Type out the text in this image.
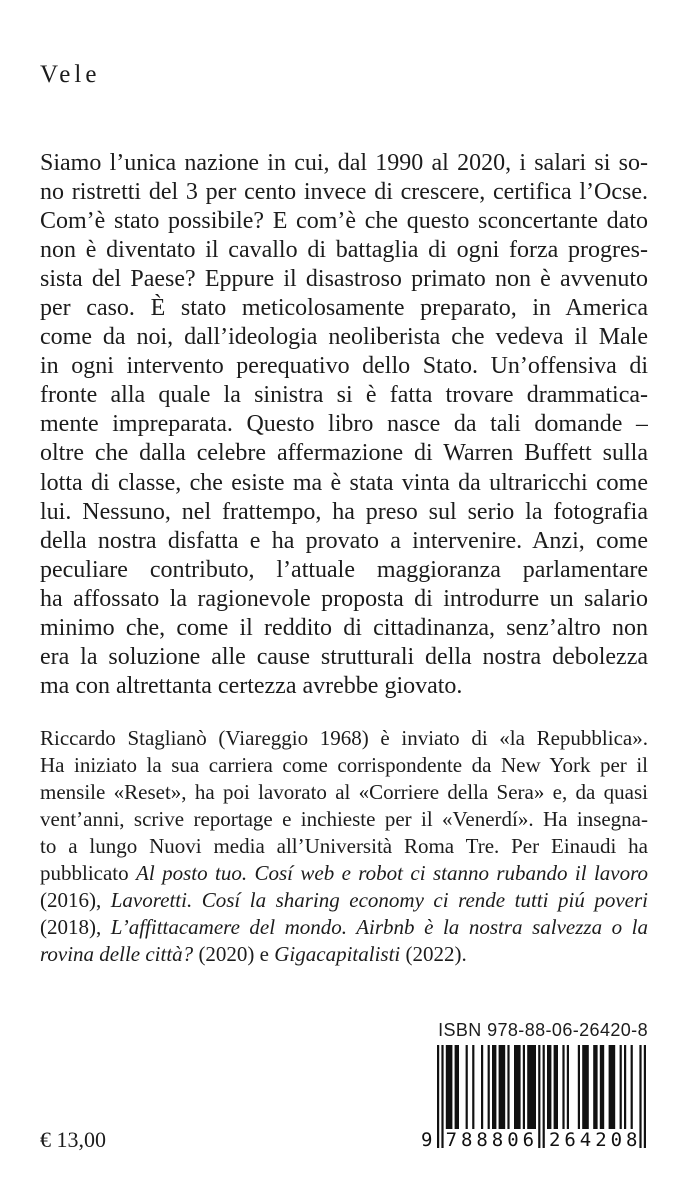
Vele
Siamo l’unica nazione in cui, dal 1990 al 2020, i salari si so-
no ristretti del 3 per cento invece di crescere, certifica l’Ocse.
Com’è stato possibile? E com’è che questo sconcertante dato
non è diventato il cavallo di battaglia di ogni forza progres-
sista del Paese? Eppure il disastroso primato non è avvenuto
per caso. È stato meticolosamente preparato, in America
come da noi, dall’ideologia neoliberista che vedeva il Male
in ogni intervento perequativo dello Stato. Un’offensiva di
fronte alla quale la sinistra si è fatta trovare drammatica-
mente impreparata. Questo libro nasce da tali domande –
oltre che dalla celebre affermazione di Warren Buffett sulla
lotta di classe, che esiste ma è stata vinta da ultraricchi come
lui. Nessuno, nel frattempo, ha preso sul serio la fotografia
della nostra disfatta e ha provato a intervenire. Anzi, come
peculiare contributo, l’attuale maggioranza parlamentare
ha affossato la ragionevole proposta di introdurre un salario
minimo che, come il reddito di cittadinanza, senz’altro non
era la soluzione alle cause strutturali della nostra debolezza
ma con altrettanta certezza avrebbe giovato.
Riccardo Staglianò (Viareggio 1968) è inviato di «la Repubblica».
Ha iniziato la sua carriera come corrispondente da New York per il
mensile «Reset», ha poi lavorato al «Corriere della Sera» e, da quasi
vent’anni, scrive reportage e inchieste per il «Venerdí». Ha insegna-
to a lungo Nuovi media all’Università Roma Tre. Per Einaudi ha
pubblicato Al posto tuo. Cosí web e robot ci stanno rubando il lavoro
(2016), Lavoretti. Cosí la sharing economy ci rende tutti piú poveri
(2018), L’affittacamere del mondo. Airbnb è la nostra salvezza o la
rovina delle città? (2020) e Gigacapitalisti (2022).
ISBN 978-88-06-26420-8
9 788806 264208
€ 13,00
